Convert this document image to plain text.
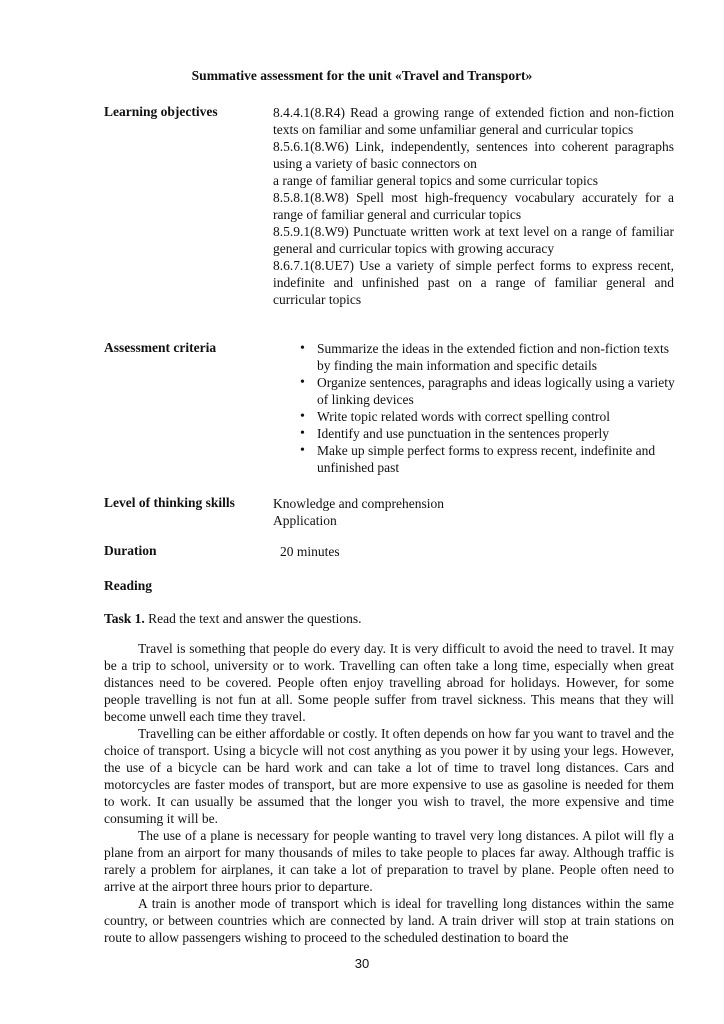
Summative assessment for the unit «Travel and Transport»
Learning objectives	8.4.4.1(8.R4) Read a growing range of extended fiction and non-fiction texts on familiar and some unfamiliar general and curricular topics
8.5.6.1(8.W6) Link, independently, sentences into coherent paragraphs using a variety of basic connectors on
a range of familiar general topics and some curricular topics
8.5.8.1(8.W8) Spell most high-frequency vocabulary accurately for a range of familiar general and curricular topics
8.5.9.1(8.W9) Punctuate written work at text level on a range of familiar general and curricular topics with growing accuracy
8.6.7.1(8.UE7) Use a variety of simple perfect forms to express recent, indefinite and unfinished past on a range of familiar general and curricular topics
Assessment criteria
•	Summarize the ideas in the extended fiction and non-fiction texts by finding the main information and specific details
• Organize sentences, paragraphs and ideas logically using a variety of linking devices
• Write topic related words with correct spelling control
• Identify and use punctuation in the sentences properly
• Make up simple perfect forms to express recent, indefinite and unfinished past
Level of thinking skills	Knowledge and comprehension
Application
Duration	20 minutes
Reading
Task 1. Read the text and answer the questions.

Travel is something that people do every day. It is very difficult to avoid the need to travel. It may be a trip to school, university or to work. Travelling can often take a long time, especially when great distances need to be covered. People often enjoy travelling abroad for holidays. However, for some people travelling is not fun at all. Some people suffer from travel sickness. This means that they will become unwell each time they travel.

Travelling can be either affordable or costly. It often depends on how far you want to travel and the choice of transport. Using a bicycle will not cost anything as you power it by using your legs. However, the use of a bicycle can be hard work and can take a lot of time to travel long distances. Cars and motorcycles are faster modes of transport, but are more expensive to use as gasoline is needed for them to work. It can usually be assumed that the longer you wish to travel, the more expensive and time consuming it will be.

The use of a plane is necessary for people wanting to travel very long distances. A pilot will fly a plane from an airport for many thousands of miles to take people to places far away. Although traffic is rarely a problem for airplanes, it can take a lot of preparation to travel by plane. People often need to arrive at the airport three hours prior to departure.

A train is another mode of transport which is ideal for travelling long distances within the same country, or between countries which are connected by land. A train driver will stop at train stations on route to allow passengers wishing to proceed to the scheduled destination to board the

30
